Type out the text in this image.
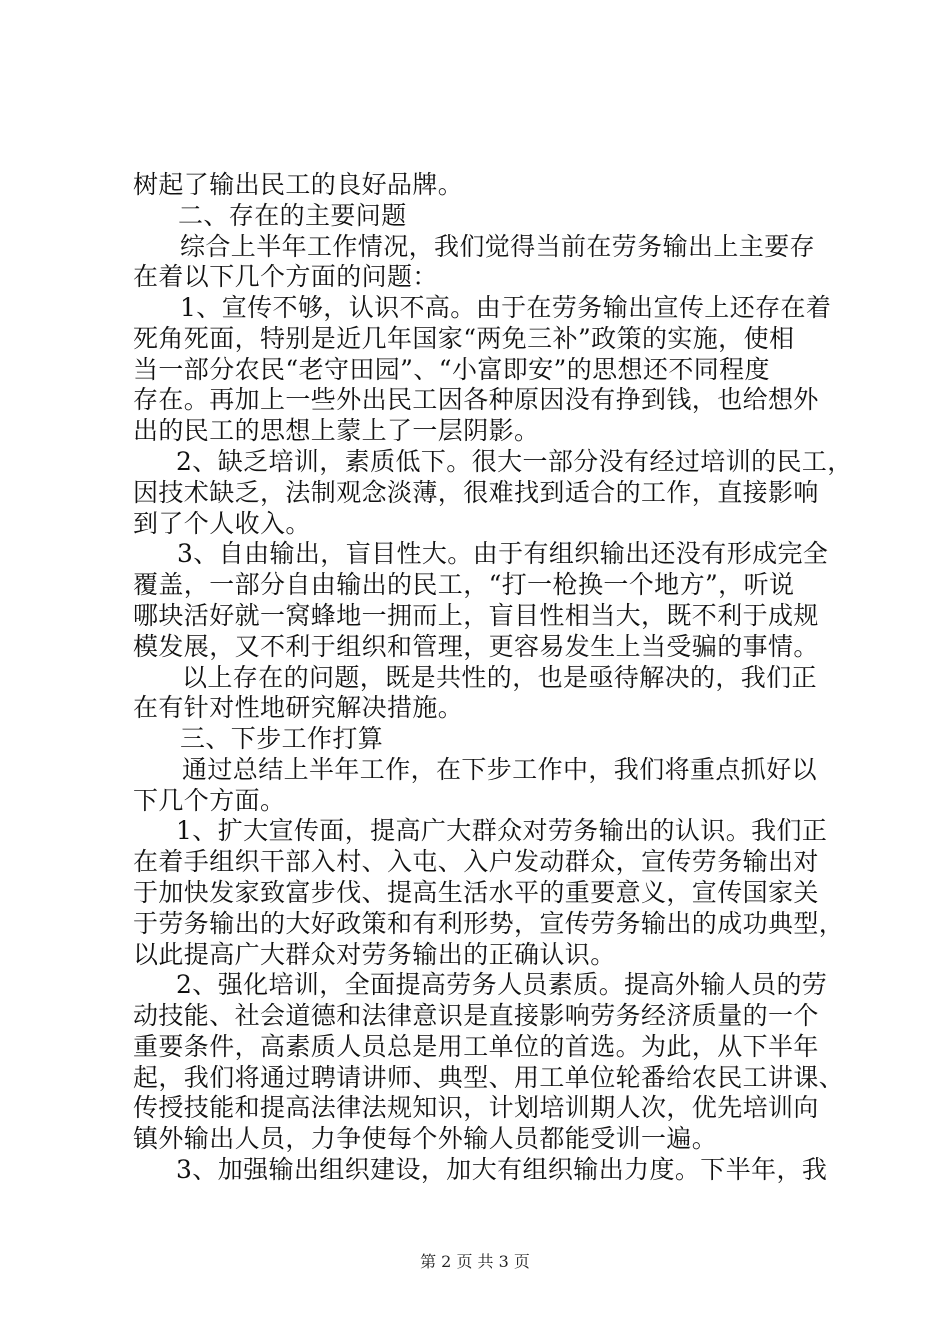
树起了输出民工的良好品牌。
二、存在的主要问题
综合上半年工作情况，我们觉得当前在劳务输出上主要存
在着以下几个方面的问题：
1、宣传不够，认识不高。由于在劳务输出宣传上还存在着
死角死面，特别是近几年国家“两免三补”政策的实施，使相
当一部分农民“老守田园”、“小富即安”的思想还不同程度
存在。再加上一些外出民工因各种原因没有挣到钱，也给想外
出的民工的思想上蒙上了一层阴影。
2、缺乏培训，素质低下。很大一部分没有经过培训的民工，
因技术缺乏，法制观念淡薄，很难找到适合的工作，直接影响
到了个人收入。
3、自由输出，盲目性大。由于有组织输出还没有形成完全
覆盖，一部分自由输出的民工，“打一枪换一个地方”，听说
哪块活好就一窝蜂地一拥而上，盲目性相当大，既不利于成规
模发展，又不利于组织和管理，更容易发生上当受骗的事情。
以上存在的问题，既是共性的，也是亟待解决的，我们正
在有针对性地研究解决措施。
三、下步工作打算
通过总结上半年工作，在下步工作中，我们将重点抓好以
下几个方面。
1、扩大宣传面，提高广大群众对劳务输出的认识。我们正
在着手组织干部入村、入屯、入户发动群众，宣传劳务输出对
于加快发家致富步伐、提高生活水平的重要意义，宣传国家关
于劳务输出的大好政策和有利形势，宣传劳务输出的成功典型，
以此提高广大群众对劳务输出的正确认识。
2、强化培训，全面提高劳务人员素质。提高外输人员的劳
动技能、社会道德和法律意识是直接影响劳务经济质量的一个
重要条件，高素质人员总是用工单位的首选。为此，从下半年
起，我们将通过聘请讲师、典型、用工单位轮番给农民工讲课、
传授技能和提高法律法规知识，计划培训期人次，优先培训向
镇外输出人员，力争使每个外输人员都能受训一遍。
3、加强输出组织建设，加大有组织输出力度。下半年，我
第 2 页 共 3 页
